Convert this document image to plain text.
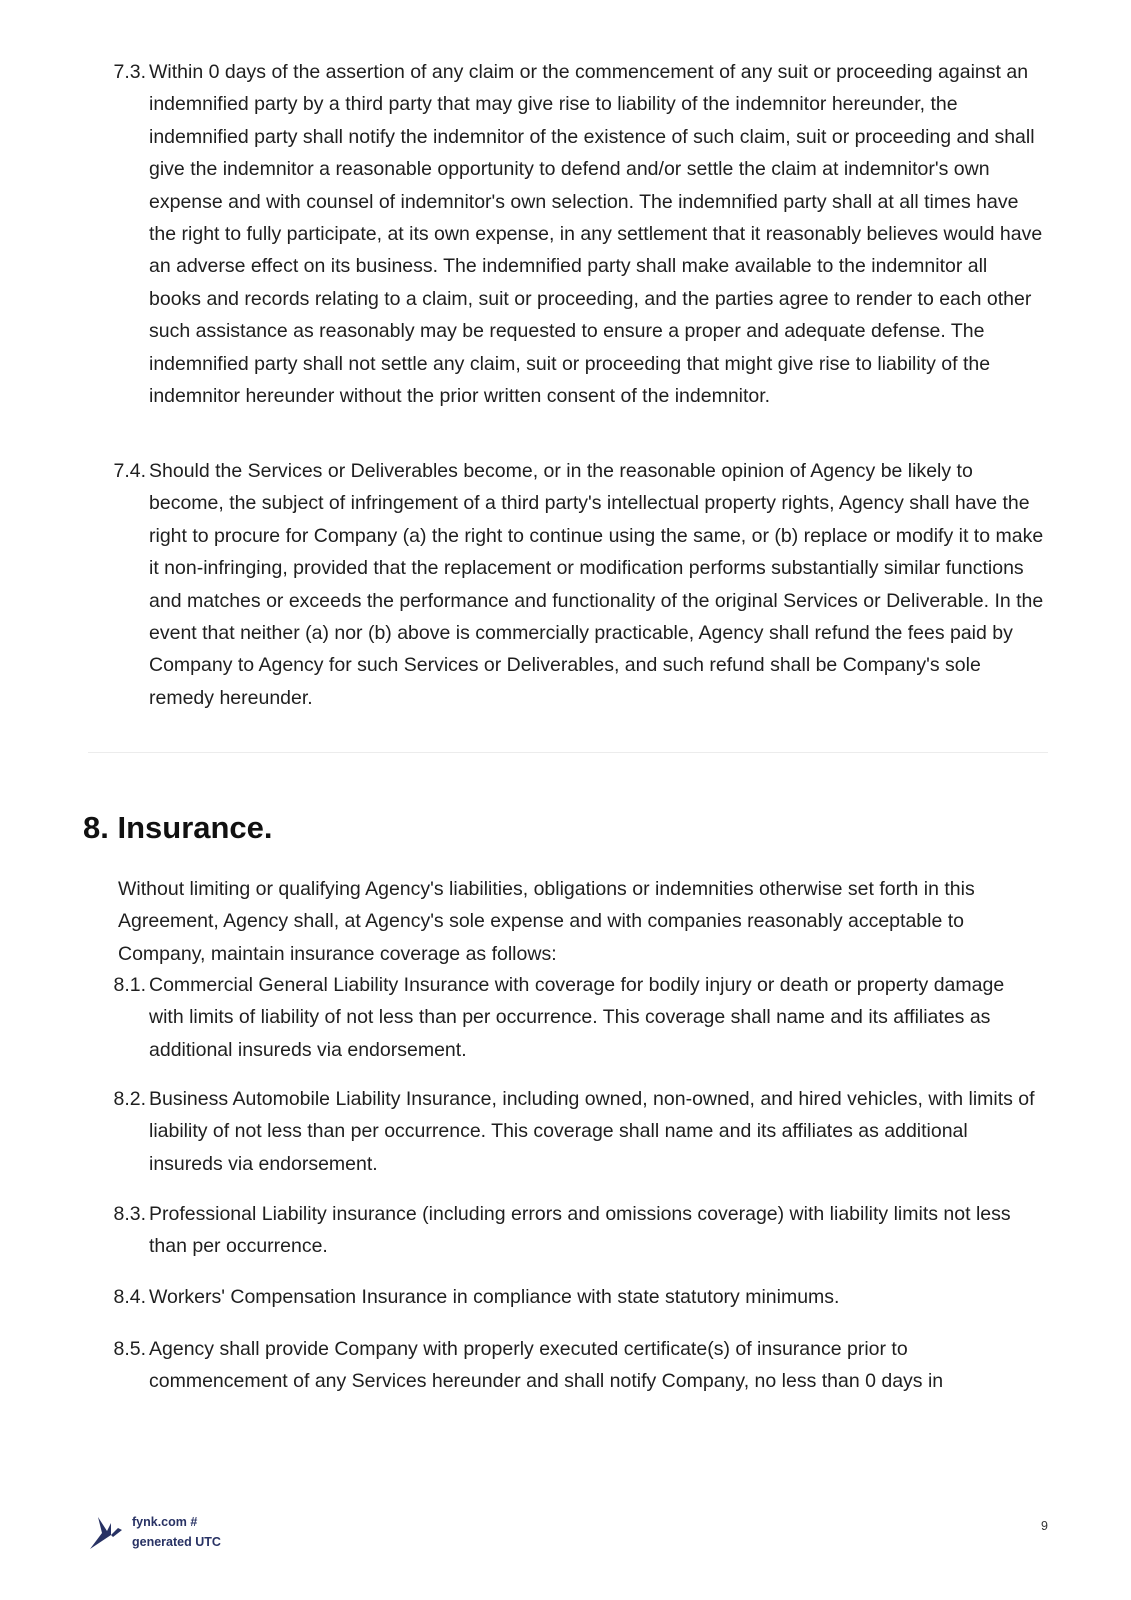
7.3. Within 0 days of the assertion of any claim or the commencement of any suit or proceeding against an indemnified party by a third party that may give rise to liability of the indemnitor hereunder, the indemnified party shall notify the indemnitor of the existence of such claim, suit or proceeding and shall give the indemnitor a reasonable opportunity to defend and/or settle the claim at indemnitor's own expense and with counsel of indemnitor's own selection. The indemnified party shall at all times have the right to fully participate, at its own expense, in any settlement that it reasonably believes would have an adverse effect on its business. The indemnified party shall make available to the indemnitor all books and records relating to a claim, suit or proceeding, and the parties agree to render to each other such assistance as reasonably may be requested to ensure a proper and adequate defense. The indemnified party shall not settle any claim, suit or proceeding that might give rise to liability of the indemnitor hereunder without the prior written consent of the indemnitor.
7.4. Should the Services or Deliverables become, or in the reasonable opinion of Agency be likely to become, the subject of infringement of a third party's intellectual property rights, Agency shall have the right to procure for Company (a) the right to continue using the same, or (b) replace or modify it to make it non-infringing, provided that the replacement or modification performs substantially similar functions and matches or exceeds the performance and functionality of the original Services or Deliverable. In the event that neither (a) nor (b) above is commercially practicable, Agency shall refund the fees paid by Company to Agency for such Services or Deliverables, and such refund shall be Company's sole remedy hereunder.
8. Insurance.

Without limiting or qualifying Agency's liabilities, obligations or indemnities otherwise set forth in this Agreement, Agency shall, at Agency's sole expense and with companies reasonably acceptable to Company, maintain insurance coverage as follows:

8.1. Commercial General Liability Insurance with coverage for bodily injury or death or property damage with limits of liability of not less than per occurrence. This coverage shall name and its affiliates as additional insureds via endorsement.
8.2. Business Automobile Liability Insurance, including owned, non-owned, and hired vehicles, with limits of liability of not less than per occurrence. This coverage shall name and its affiliates as additional insureds via endorsement.
8.3. Professional Liability insurance (including errors and omissions coverage) with liability limits not less than per occurrence.
8.4. Workers' Compensation Insurance in compliance with state statutory minimums.
8.5. Agency shall provide Company with properly executed certificate(s) of insurance prior to commencement of any Services hereunder and shall notify Company, no less than 0 days in
fynk.com #
generated UTC
9
